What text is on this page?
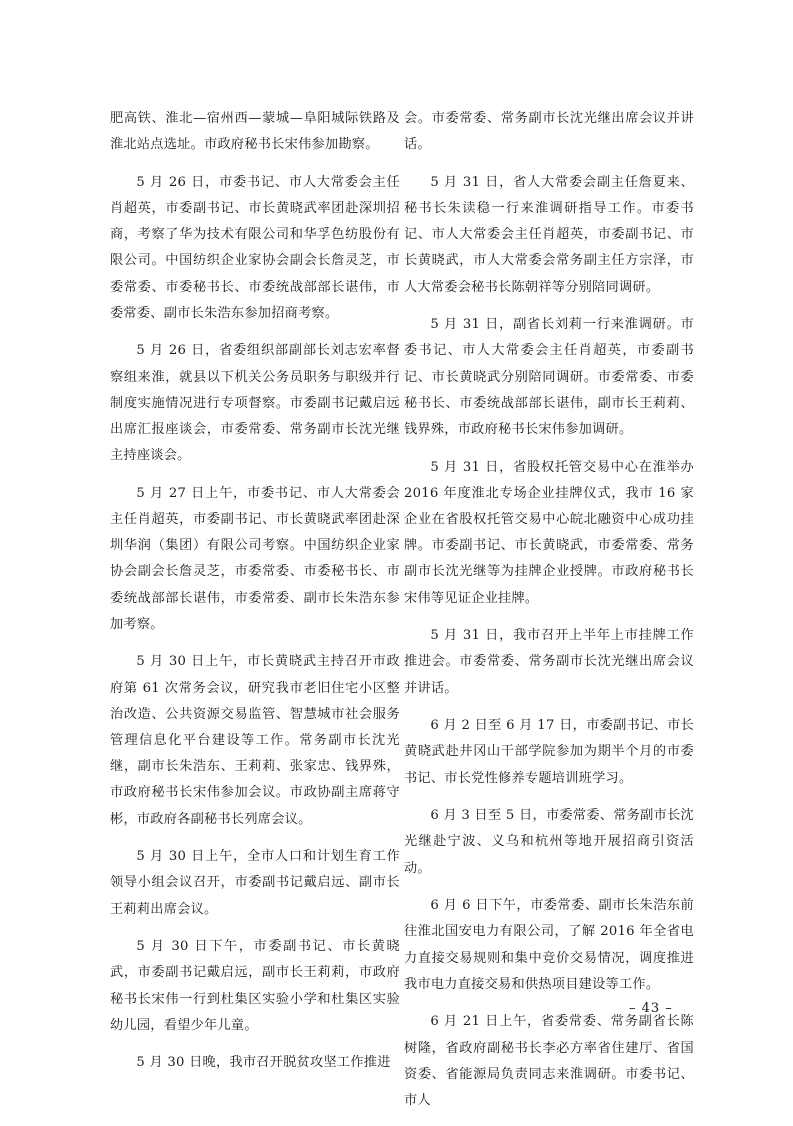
肥高铁、淮北—宿州西—蒙城—阜阳城际铁路及淮北站点选址。市政府秘书长宋伟参加勘察。

5 月 26 日，市委书记、市人大常委会主任肖超英，市委副书记、市长黄晓武率团赴深圳招商，考察了华为技术有限公司和华孚色纺股份有限公司。中国纺织企业家协会副会长詹灵芝，市委常委、市委秘书长、市委统战部部长谌伟，市委常委、副市长朱浩东参加招商考察。

5 月 26 日，省委组织部副部长刘志宏率督察组来淮，就县以下机关公务员职务与职级并行制度实施情况进行专项督察。市委副书记戴启远出席汇报座谈会，市委常委、常务副市长沈光继主持座谈会。

5 月 27 日上午，市委书记、市人大常委会主任肖超英，市委副书记、市长黄晓武率团赴深圳华润（集团）有限公司考察。中国纺织企业家协会副会长詹灵芝，市委常委、市委秘书长、市委统战部部长谌伟，市委常委、副市长朱浩东参加考察。

5 月 30 日上午，市长黄晓武主持召开市政府第 61 次常务会议，研究我市老旧住宅小区整治改造、公共资源交易监管、智慧城市社会服务管理信息化平台建设等工作。常务副市长沈光继，副市长朱浩东、王莉莉、张家忠、钱界殊，市政府秘书长宋伟参加会议。市政协副主席蒋守彬，市政府各副秘书长列席会议。

5 月 30 日上午，全市人口和计划生育工作领导小组会议召开，市委副书记戴启远、副市长王莉莉出席会议。

5 月 30 日下午，市委副书记、市长黄晓武，市委副书记戴启远，副市长王莉莉，市政府秘书长宋伟一行到杜集区实验小学和杜集区实验幼儿园，看望少年儿童。

5 月 30 日晚，我市召开脱贫攻坚工作推进

会。市委常委、常务副市长沈光继出席会议并讲话。

5 月 31 日，省人大常委会副主任詹夏来、秘书长朱读稳一行来淮调研指导工作。市委书记、市人大常委会主任肖超英，市委副书记、市长黄晓武，市人大常委会常务副主任方宗泽，市人大常委会秘书长陈朝祥等分别陪同调研。

5 月 31 日，副省长刘莉一行来淮调研。市委书记、市人大常委会主任肖超英，市委副书记、市长黄晓武分别陪同调研。市委常委、市委秘书长、市委统战部部长谌伟，副市长王莉莉、钱界殊，市政府秘书长宋伟参加调研。

5 月 31 日，省股权托管交易中心在淮举办 2016 年度淮北专场企业挂牌仪式，我市 16 家企业在省股权托管交易中心皖北融资中心成功挂牌。市委副书记、市长黄晓武，市委常委、常务副市长沈光继等为挂牌企业授牌。市政府秘书长宋伟等见证企业挂牌。

5 月 31 日，我市召开上半年上市挂牌工作推进会。市委常委、常务副市长沈光继出席会议并讲话。

6 月 2 日至 6 月 17 日，市委副书记、市长黄晓武赴井冈山干部学院参加为期半个月的市委书记、市长党性修养专题培训班学习。

6 月 3 日至 5 日，市委常委、常务副市长沈光继赴宁波、义乌和杭州等地开展招商引资活动。

6 月 6 日下午，市委常委、副市长朱浩东前往淮北国安电力有限公司，了解 2016 年全省电力直接交易规则和集中竞价交易情况，调度推进我市电力直接交易和供热项目建设等工作。

6 月 21 日上午，省委常委、常务副省长陈树隆，省政府副秘书长李必方率省住建厅、省国资委、省能源局负责同志来淮调研。市委书记、市人

– 43 –
